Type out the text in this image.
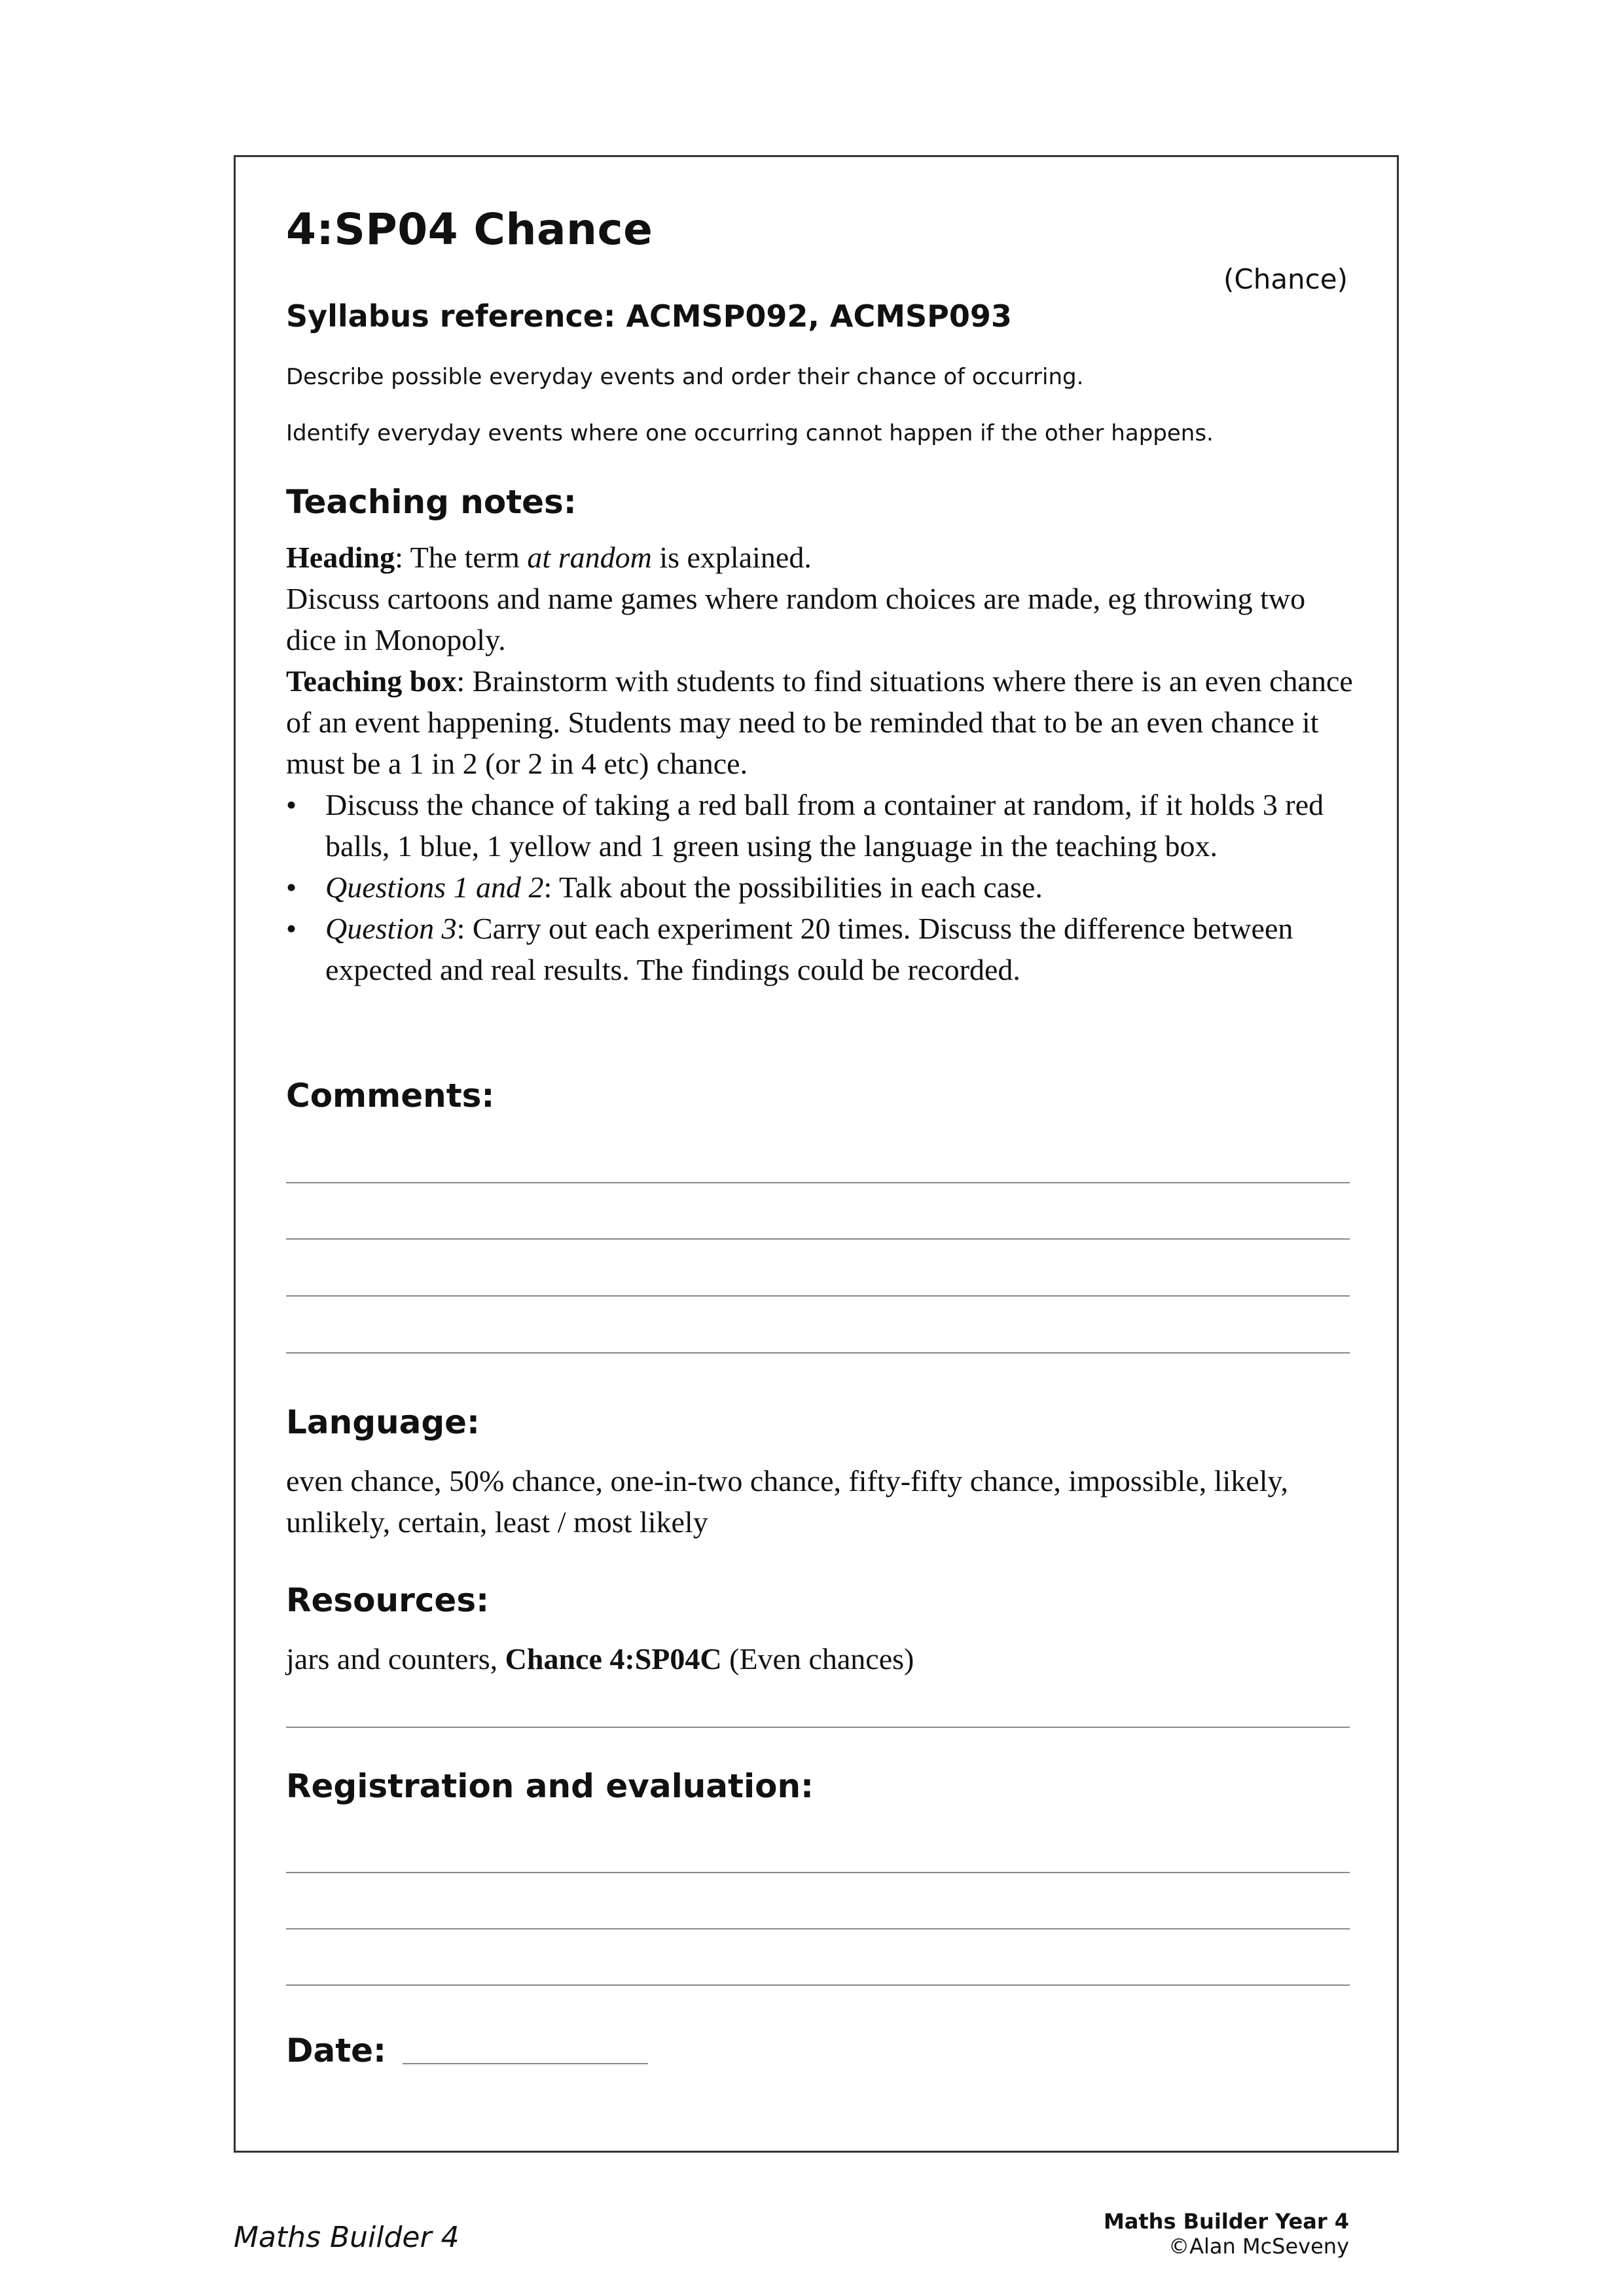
4:SP04 Chance
(Chance)
Syllabus reference: ACMSP092, ACMSP093

Describe possible everyday events and order their chance of occurring.

Identify everyday events where one occurring cannot happen if the other happens.

Teaching notes:

Heading: The term at random is explained.

Discuss cartoons and name games where random choices are made, eg throwing two dice in Monopoly.

Teaching box: Brainstorm with students to find situations where there is an even chance of an event happening. Students may need to be reminded that to be an even chance it must be a 1 in 2 (or 2 in 4 etc) chance.

• Discuss the chance of taking a red ball from a container at random, if it holds 3 red balls, 1 blue, 1 yellow and 1 green using the language in the teaching box.
• Questions 1 and 2: Talk about the possibilities in each case.
• Question 3: Carry out each experiment 20 times. Discuss the difference between expected and real results. The findings could be recorded.
Comments:
Language:
even chance, 50% chance, one-in-two chance, fifty-fifty chance, impossible, likely, unlikely, certain, least / most likely
Resources:
jars and counters, Chance 4:SP04C (Even chances)
Registration and evaluation:
Date:
Maths Builder 4	Maths Builder Year 4
©Alan McSeveny
